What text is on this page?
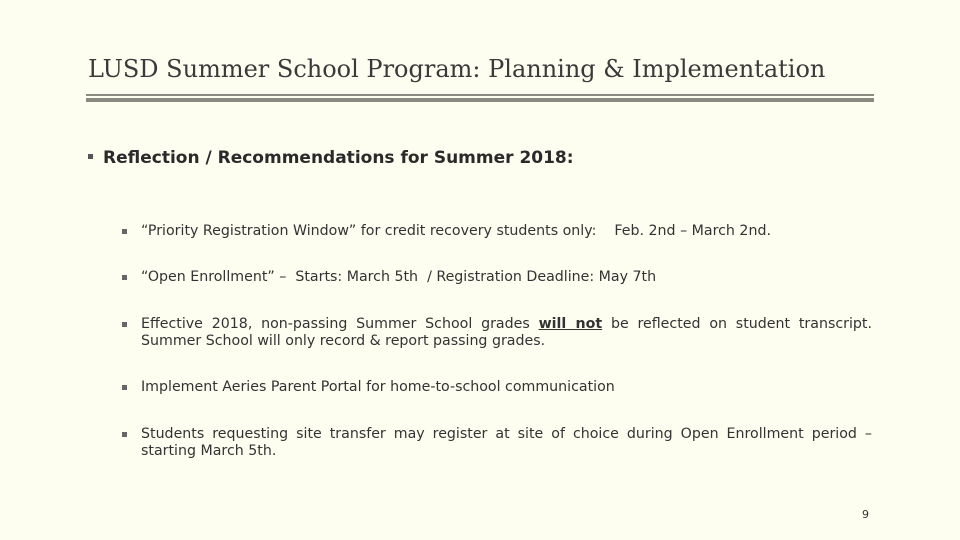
LUSD Summer School Program: Planning & Implementation
Reflection / Recommendations for Summer 2018:
“Priority Registration Window” for credit recovery students only:    Feb. 2nd – March 2nd.
“Open Enrollment” –  Starts: March 5th  / Registration Deadline: May 7th
Effective 2018, non-passing Summer School grades will not be reflected on student transcript. Summer School will only record & report passing grades.
Implement Aeries Parent Portal for home-to-school communication
Students requesting site transfer may register at site of choice during Open Enrollment period – starting March 5th.
9
